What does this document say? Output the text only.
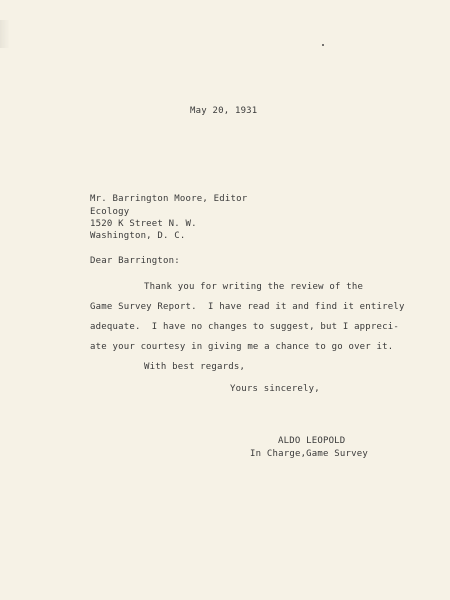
May 20, 1931
Mr. Barrington Moore, Editor
Ecology
1520 K Street N. W.
Washington, D. C.
Dear Barrington:
Thank you for writing the review of the
Game Survey Report.  I have read it and find it entirely
adequate.  I have no changes to suggest, but I appreci-
ate your courtesy in giving me a chance to go over it.
With best regards,
Yours sincerely,
ALDO LEOPOLD
In Charge,Game Survey
